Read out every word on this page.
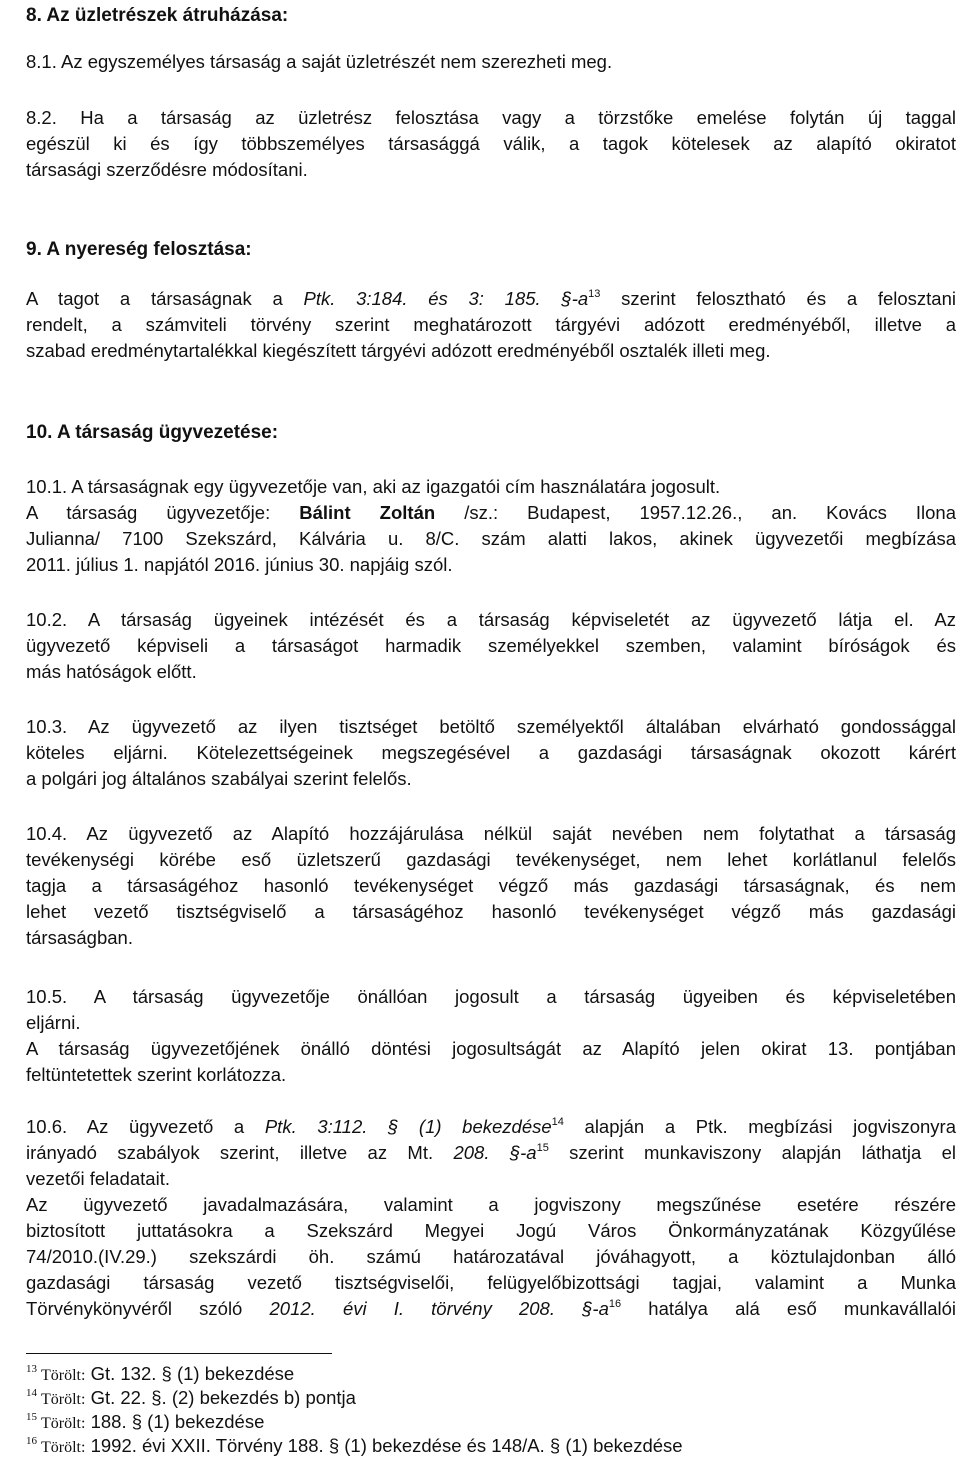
8. Az üzletrészek átruházása:

8.1. Az egyszemélyes társaság a saját üzletrészét nem szerezheti meg.

8.2. Ha a társaság az üzletrész felosztása vagy a törzstőke emelése folytán új taggal
egészül ki és így többszemélyes társasággá válik, a tagok kötelesek az alapító okiratot
társasági szerződésre módosítani.

9. A nyereség felosztása:

A tagot a társaságnak a Ptk. 3:184. és 3: 185. §-a$^{13}$ szerint felosztható és a felosztani
rendelt, a számviteli törvény szerint meghatározott tárgyévi adózott eredményéből, illetve a
szabad eredménytartalékkal kiegészített tárgyévi adózott eredményéből osztalék illeti meg.

10. A társaság ügyvezetése:

10.1. A társaságnak egy ügyvezetője van, aki az igazgatói cím használatára jogosult.
A társaság ügyvezetője: Bálint Zoltán /sz.: Budapest, 1957.12.26., an. Kovács Ilona
Julianna/ 7100 Szekszárd, Kálvária u. 8/C. szám alatti lakos, akinek ügyvezetői megbízása
2011. július 1. napjától 2016. június 30. napjáig szól.

10.2. A társaság ügyeinek intézését és a társaság képviseletét az ügyvezető látja el. Az
ügyvezető képviseli a társaságot harmadik személyekkel szemben, valamint bíróságok és
más hatóságok előtt.

10.3. Az ügyvezető az ilyen tisztséget betöltő személyektől általában elvárható gondossággal
köteles eljárni. Kötelezettségeinek megszegésével a gazdasági társaságnak okozott kárért
a polgári jog általános szabályai szerint felelős.

10.4. Az ügyvezető az Alapító hozzájárulása nélkül saját nevében nem folytathat a társaság
tevékenységi körébe eső üzletszerű gazdasági tevékenységet, nem lehet korlátlanul felelős
tagja a társaságéhoz hasonló tevékenységet végző más gazdasági társaságnak, és nem
lehet vezető tisztségviselő a társaságéhoz hasonló tevékenységet végző más gazdasági
társaságban.

10.5. A társaság ügyvezetője önállóan jogosult a társaság ügyeiben és képviseletében
eljárni.
A társaság ügyvezetőjének önálló döntési jogosultságát az Alapító jelen okirat 13. pontjában
feltüntetettek szerint korlátozza.

10.6. Az ügyvezető a Ptk. 3:112. § (1) bekezdése$^{14}$ alapján a Ptk. megbízási jogviszonyra
irányadó szabályok szerint, illetve az Mt. 208. §-a$^{15}$ szerint munkaviszony alapján láthatja el
vezetői feladatait.
Az ügyvezető javadalmazására, valamint a jogviszony megszűnése esetére részére
biztosított juttatásokra a Szekszárd Megyei Jogú Város Önkormányzatának Közgyűlése
74/2010.(IV.29.) szekszárdi öh. számú határozatával jóváhagyott, a köztulajdonban álló
gazdasági társaság vezető tisztségviselői, felügyelőbizottsági tagjai, valamint a Munka
Törvénykönyvéről szóló 2012. évi I. törvény 208. §-a$^{16}$ hatálya alá eső munkavállalói

$^{13}$ Törölt: Gt. 132. § (1) bekezdése
$^{14}$ Törölt: Gt. 22. §. (2) bekezdés b) pontja
$^{15}$ Törölt: 188. § (1) bekezdése
$^{16}$ Törölt: 1992. évi XXII. Törvény 188. § (1) bekezdése és 148/A. § (1) bekezdése
